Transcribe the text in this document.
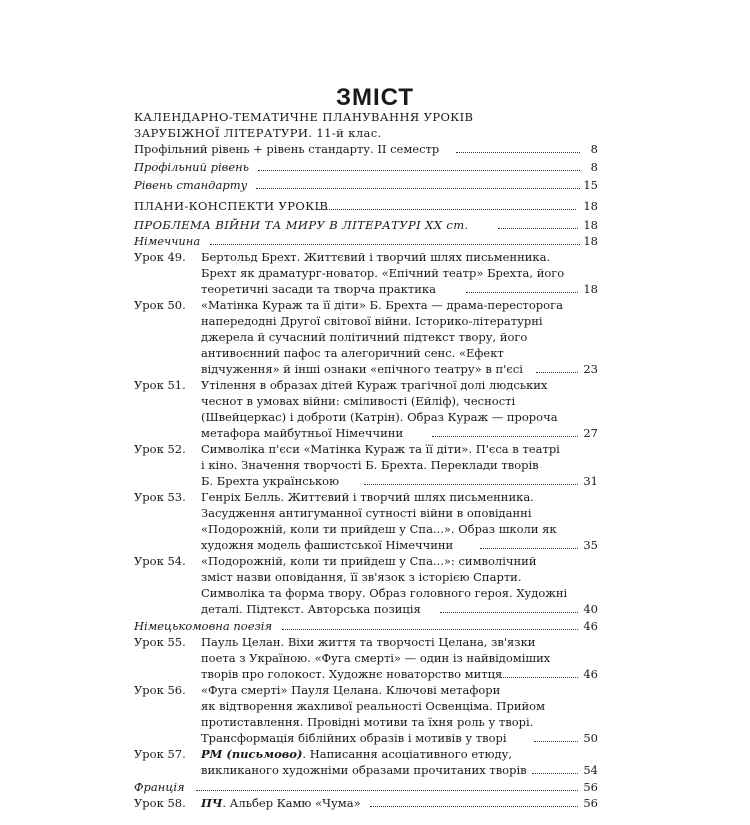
ЗМІСТ
КАЛЕНДАРНО-ТЕМАТИЧНЕ ПЛАНУВАННЯ УРОКІВ
ЗАРУБІЖНОЇ ЛІТЕРАТУРИ. 11-й клас.
Профільний рівень + рівень стандарту. ІІ семестр	8
Профільний рівень	8
Рівень стандарту	15
ПЛАНИ-КОНСПЕКТИ УРОКІВ	18
ПРОБЛЕМА ВІЙНИ ТА МИРУ В ЛІТЕРАТУРІ ХХ ст.	18
Німеччина	18
Урок 49. Бертольд Брехт. Життєвий і творчий шлях письменника.
Брехт як драматург-новатор. «Епічний театр» Брехта, його
теоретичні засади та творча практика	18
Урок 50. «Матінка Кураж та її діти» Б. Брехта — драма-пересторога
напередодні Другої світової війни. Історико-літературні
джерела й сучасний політичний підтекст твору, його
антивоєнний пафос та алегоричний сенс. «Ефект
відчуження» й інші ознаки «епічного театру» в п'єсі	23
Урок 51. Утілення в образах дітей Кураж трагічної долі людських
чеснот в умовах війни: сміливості (Ейліф), чесності
(Швейцеркас) і доброти (Катрін). Образ Кураж — пророча
метафора майбутньої Німеччини	27
Урок 52. Символіка п'єси «Матінка Кураж та її діти». П'єса в театрі
і кіно. Значення творчості Б. Брехта. Переклади творів
Б. Брехта українською	31
Урок 53. Генріх Белль. Життєвий і творчий шлях письменника.
Засудження антигуманної сутності війни в оповіданні
«Подорожній, коли ти прийдеш у Спа...». Образ школи як
художня модель фашистської Німеччини	35
Урок 54. «Подорожній, коли ти прийдеш у Спа...»: символічний
зміст назви оповідання, її зв'язок з історією Спарти.
Символіка та форма твору. Образ головного героя. Художні
деталі. Підтекст. Авторська позиція	40
Німецькомовна поезія	46
Урок 55. Пауль Целан. Віхи життя та творчості Целана, зв'язки
поета з Україною. «Фуга смерті» — один із найвідоміших
творів про голокост. Художнє новаторство митця	46
Урок 56. «Фуга смерті» Пауля Целана. Ключові метафори
як відтворення жахливої реальності Освенціма. Прийом
протиставлення. Провідні мотиви та їхня роль у творі.
Трансформація біблійних образів і мотивів у творі	50
Урок 57. РМ (письмово). Написання асоціативного етюду,
викликаного художніми образами прочитаних творів	54
Франція	56
Урок 58. ПЧ. Альбер Камю «Чума»	56
